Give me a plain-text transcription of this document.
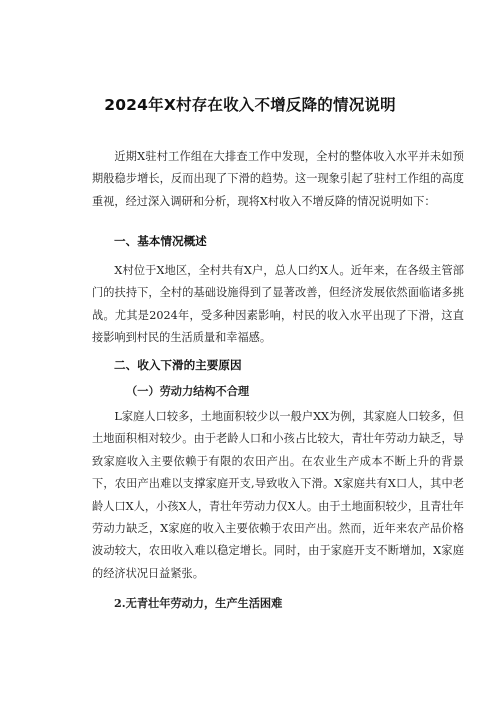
2024年X村存在收入不增反降的情况说明

近期X驻村工作组在大排查工作中发现，全村的整体收入水平并未如预期般稳步增长，反而出现了下滑的趋势。这一现象引起了驻村工作组的高度重视，经过深入调研和分析，现将X村收入不增反降的情况说明如下：

一、基本情况概述

X村位于X地区，全村共有X户，总人口约X人。近年来，在各级主管部门的扶持下，全村的基础设施得到了显著改善，但经济发展依然面临诸多挑战。尤其是2024年，受多种因素影响，村民的收入水平出现了下滑，这直接影响到村民的生活质量和幸福感。

二、收入下滑的主要原因
（一）劳动力结构不合理

L家庭人口较多，土地面积较少以一般户XX为例，其家庭人口较多，但土地面积相对较少。由于老龄人口和小孩占比较大，青壮年劳动力缺乏，导致家庭收入主要依赖于有限的农田产出。在农业生产成本不断上升的背景下，农田产出难以支撑家庭开支,导致收入下滑。X家庭共有X口人，其中老龄人口X人，小孩X人，青壮年劳动力仅X人。由于土地面积较少，且青壮年劳动力缺乏，X家庭的收入主要依赖于农田产出。然而，近年来农产品价格波动较大，农田收入难以稳定增长。同时，由于家庭开支不断增加，X家庭的经济状况日益紧张。

2.无青壮年劳动力，生产生活困难
